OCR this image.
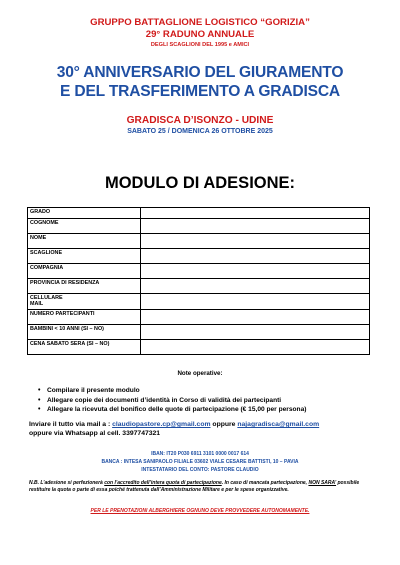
GRUPPO BATTAGLIONE LOGISTICO “GORIZIA”
29° RADUNO ANNUALE
DEGLI SCAGLIONI DEL 1995 e AMICI
30° ANNIVERSARIO DEL GIURAMENTO
E DEL TRASFERIMENTO A GRADISCA
GRADISCA D’ISONZO - UDINE
SABATO 25 / DOMENICA 26 OTTOBRE 2025
MODULO DI ADESIONE:
GRADO	
COGNOME	
NOME	
SCAGLIONE	
COMPAGNIA	
PROVINCIA DI RESIDENZA	

CELLULARE
MAIL	

NUMERO PARTECIPANTI	
BAMBINI < 10 ANNI (SI – NO)	
CENA SABATO SERA (SI – NO)	
Note operative:
• Compilare il presente modulo
• Allegare copie dei documenti d’identità in Corso di validità dei partecipanti
• Allegare la ricevuta del bonifico delle quote di partecipazione (€ 15,00 per persona)
Inviare il tutto via mail a : claudiopastore.cp@gmail.com oppure najagradisca@gmail.com
oppure via Whatsapp al cell. 3397747321
IBAN: IT20 P030 6911 3101 0000 0017 614
BANCA : INTESA SANIPAOLO FILIALE 03602 VIALE CESARE BATTISTI, 10 – PAVIA
INTESTATARIO DEL CONTO: PASTORE CLAUDIO
N.B. L’adesione si perfezionerà con l’accredito dell’intera quota di partecipazione. In caso di mancata partecipazione, NON SARA’ possibile restituire la quota o parte di essa poiché trattenuta dall’Amministrazione Militare e per le spese organizzative.
PER LE PRENOTAZIONI ALBERGHIERE OGNUNO DEVE PROVVEDERE AUTONOMAMENTE.
